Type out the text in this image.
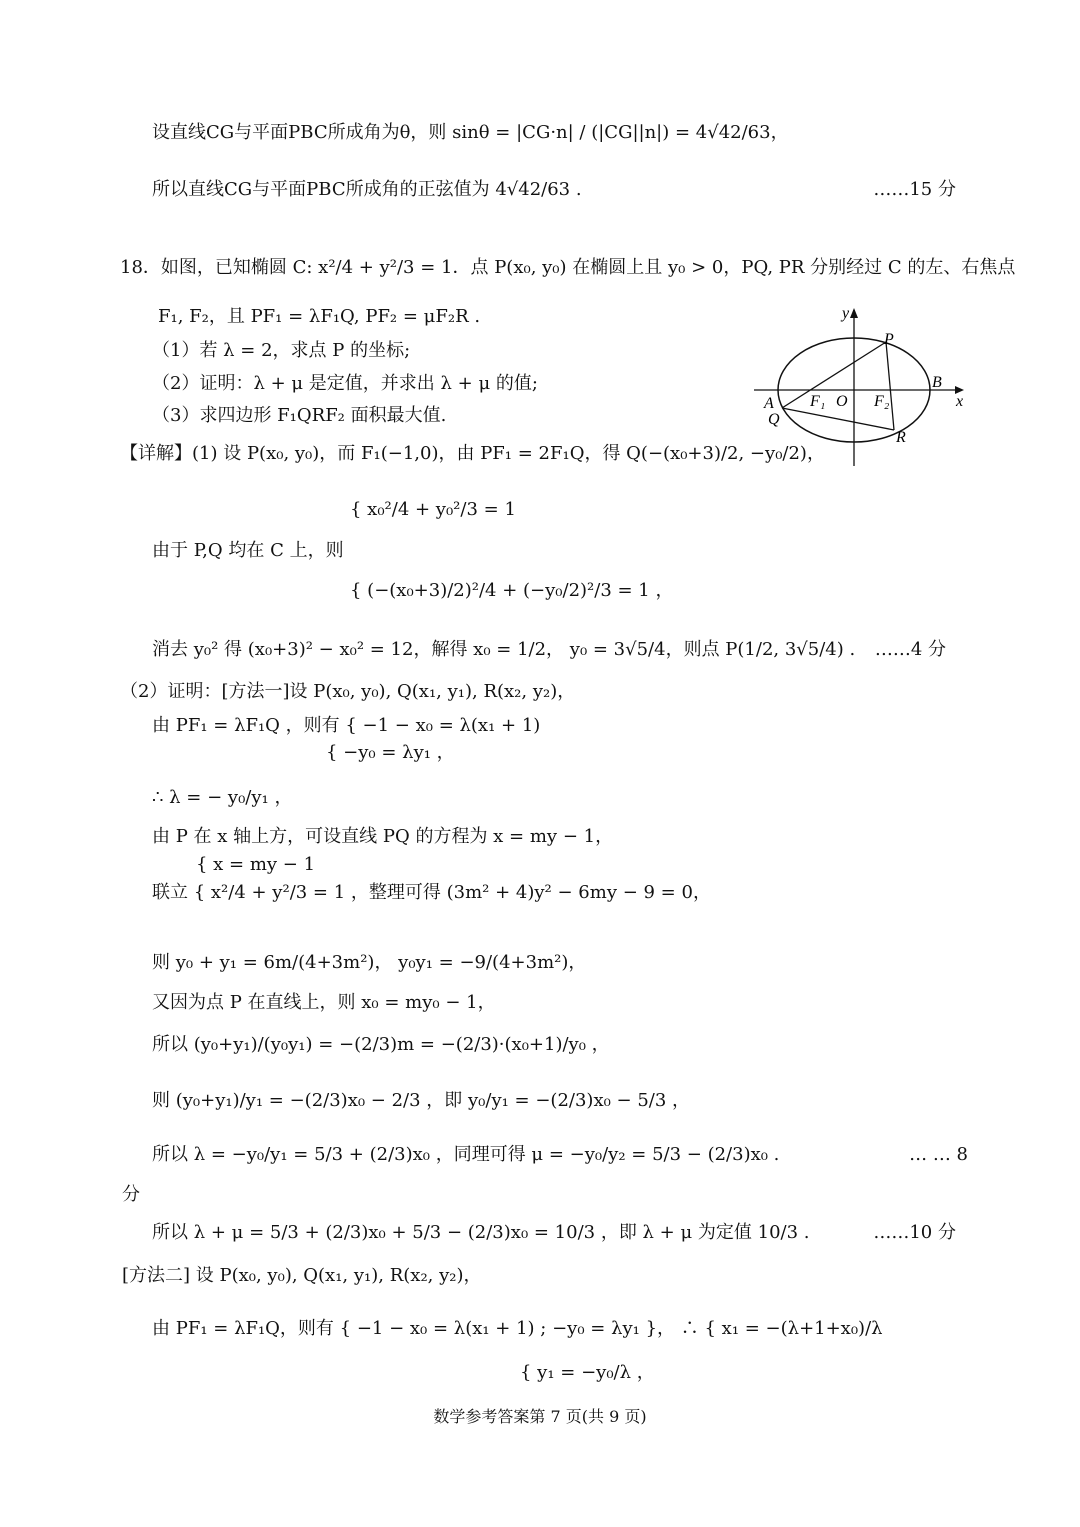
设直线CG与平面PBC所成角为θ，则 sinθ = |CG·n| / (|CG||n|) = 4√42/63，
所以直线CG与平面PBC所成角的正弦值为 4√42/63 .	……15 分
18．如图，已知椭圆 C: x²/4 + y²/3 = 1．点 P(x₀, y₀) 在椭圆上且 y₀ > 0，PQ, PR 分别经过 C 的左、右焦点
F₁, F₂，且 PF₁ = λF₁Q, PF₂ = μF₂R .
（1）若 λ = 2，求点 P 的坐标;
（2）证明：λ + μ 是定值，并求出 λ + μ 的值;
（3）求四边形 F₁QRF₂ 面积最大值.
【详解】(1) 设 P(x₀, y₀)，而 F₁(−1,0)，由 PF₁ = 2F₁Q，得 Q(−(x₀+3)/2, −y₀/2)，
{ x₀²/4 + y₀²/3 = 1
由于 P,Q 均在 C 上，则
{ (−(x₀+3)/2)²/4 + (−y₀/2)²/3 = 1 ，
消去 y₀² 得 (x₀+3)² − x₀² = 12，解得 x₀ = 1/2， y₀ = 3√5/4，则点 P(1/2, 3√5/4) . ……4 分
（2）证明：[方法一]设 P(x₀, y₀), Q(x₁, y₁), R(x₂, y₂)，
由 PF₁ = λF₁Q ，则有 { −1 − x₀ = λ(x₁ + 1)
{ −y₀ = λy₁ ，
∴ λ = − y₀/y₁ ，
由 P 在 x 轴上方，可设直线 PQ 的方程为 x = my − 1，
{ x = my − 1
联立 { x²/4 + y²/3 = 1 ，整理可得 (3m² + 4)y² − 6my − 9 = 0，
则 y₀ + y₁ = 6m/(4+3m²)， y₀y₁ = −9/(4+3m²)，
又因为点 P 在直线上，则 x₀ = my₀ − 1，
所以 (y₀+y₁)/(y₀y₁) = −(2/3)m = −(2/3)·(x₀+1)/y₀ ，
则 (y₀+y₁)/y₁ = −(2/3)x₀ − 2/3 ，即 y₀/y₁ = −(2/3)x₀ − 5/3 ，
所以 λ = −y₀/y₁ = 5/3 + (2/3)x₀ ，同理可得 μ = −y₀/y₂ = 5/3 − (2/3)x₀ .	… … 8
分
所以 λ + μ = 5/3 + (2/3)x₀ + 5/3 − (2/3)x₀ = 10/3 ，即 λ + μ 为定值 10/3 .	……10 分
[方法二] 设 P(x₀, y₀), Q(x₁, y₁), R(x₂, y₂)，
由 PF₁ = λF₁Q，则有 { −1 − x₀ = λ(x₁ + 1) ; −y₀ = λy₁ }， ∴ { x₁ = −(λ+1+x₀)/λ
{ y₁ = −y₀/λ ，
y
x
P
B
A F₁ O F₂
Q
R
数学参考答案第 7 页(共 9 页)
